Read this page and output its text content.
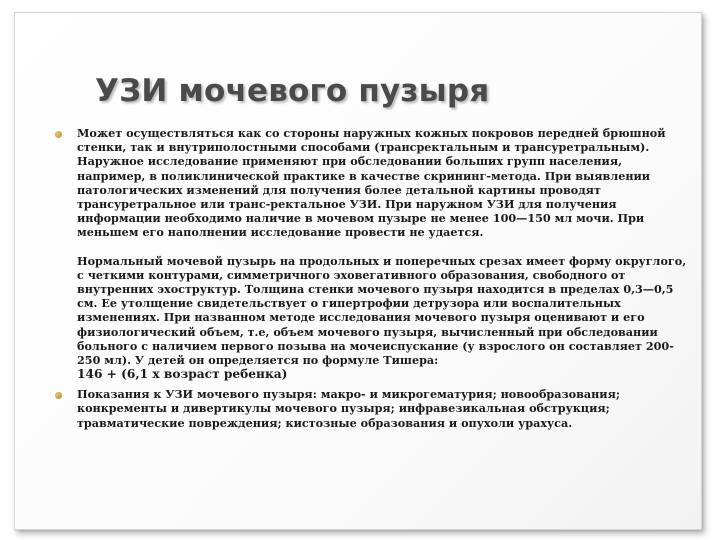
УЗИ мочевого пузыря

Может осуществляться как со стороны наружных кожных покровов передней брюшной стенки, так и внутриполостными способами (трансректальным и трансуретральным). Наружное исследование применяют при обследовании больших групп населения, например, в поликлинической практике в качестве скрининг-метода. При выявлении патологических изменений для получения более детальной картины проводят трансуретральное или транс-ректальное УЗИ. При наружном УЗИ для получения информации необходимо наличие в мочевом пузыре не менее 100—150 мл мочи. При меньшем его наполнении исследование провести не удается.

Нормальный мочевой пузырь на продольных и поперечных срезах имеет форму округлого, с четкими контурами, симметричного эховегативного образования, свободного от внутренних эхоструктур. Толщина стенки мочевого пузыря находится в пределах 0,3—0,5 см. Ее утолщение свидетельствует о гипертрофии детрузора или воспалительных изменениях. При названном методе исследования мочевого пузыря оценивают и его физиологический объем, т.е, объем мочевого пузыря, вычисленный при обследовании больного с наличием первого позыва на мочеиспускание (у взрослого он составляет 200-250 мл). У детей он определяется по формуле Тишера:

146 + (6,1 х возраст ребенка)

Показания к УЗИ мочевого пузыря: макро- и микрогематурия; новообразования; конкременты и дивертикулы мочевого пузыря; инфравезикальная обструкция; травматические повреждения; кистозные образования и опухоли урахуса.
